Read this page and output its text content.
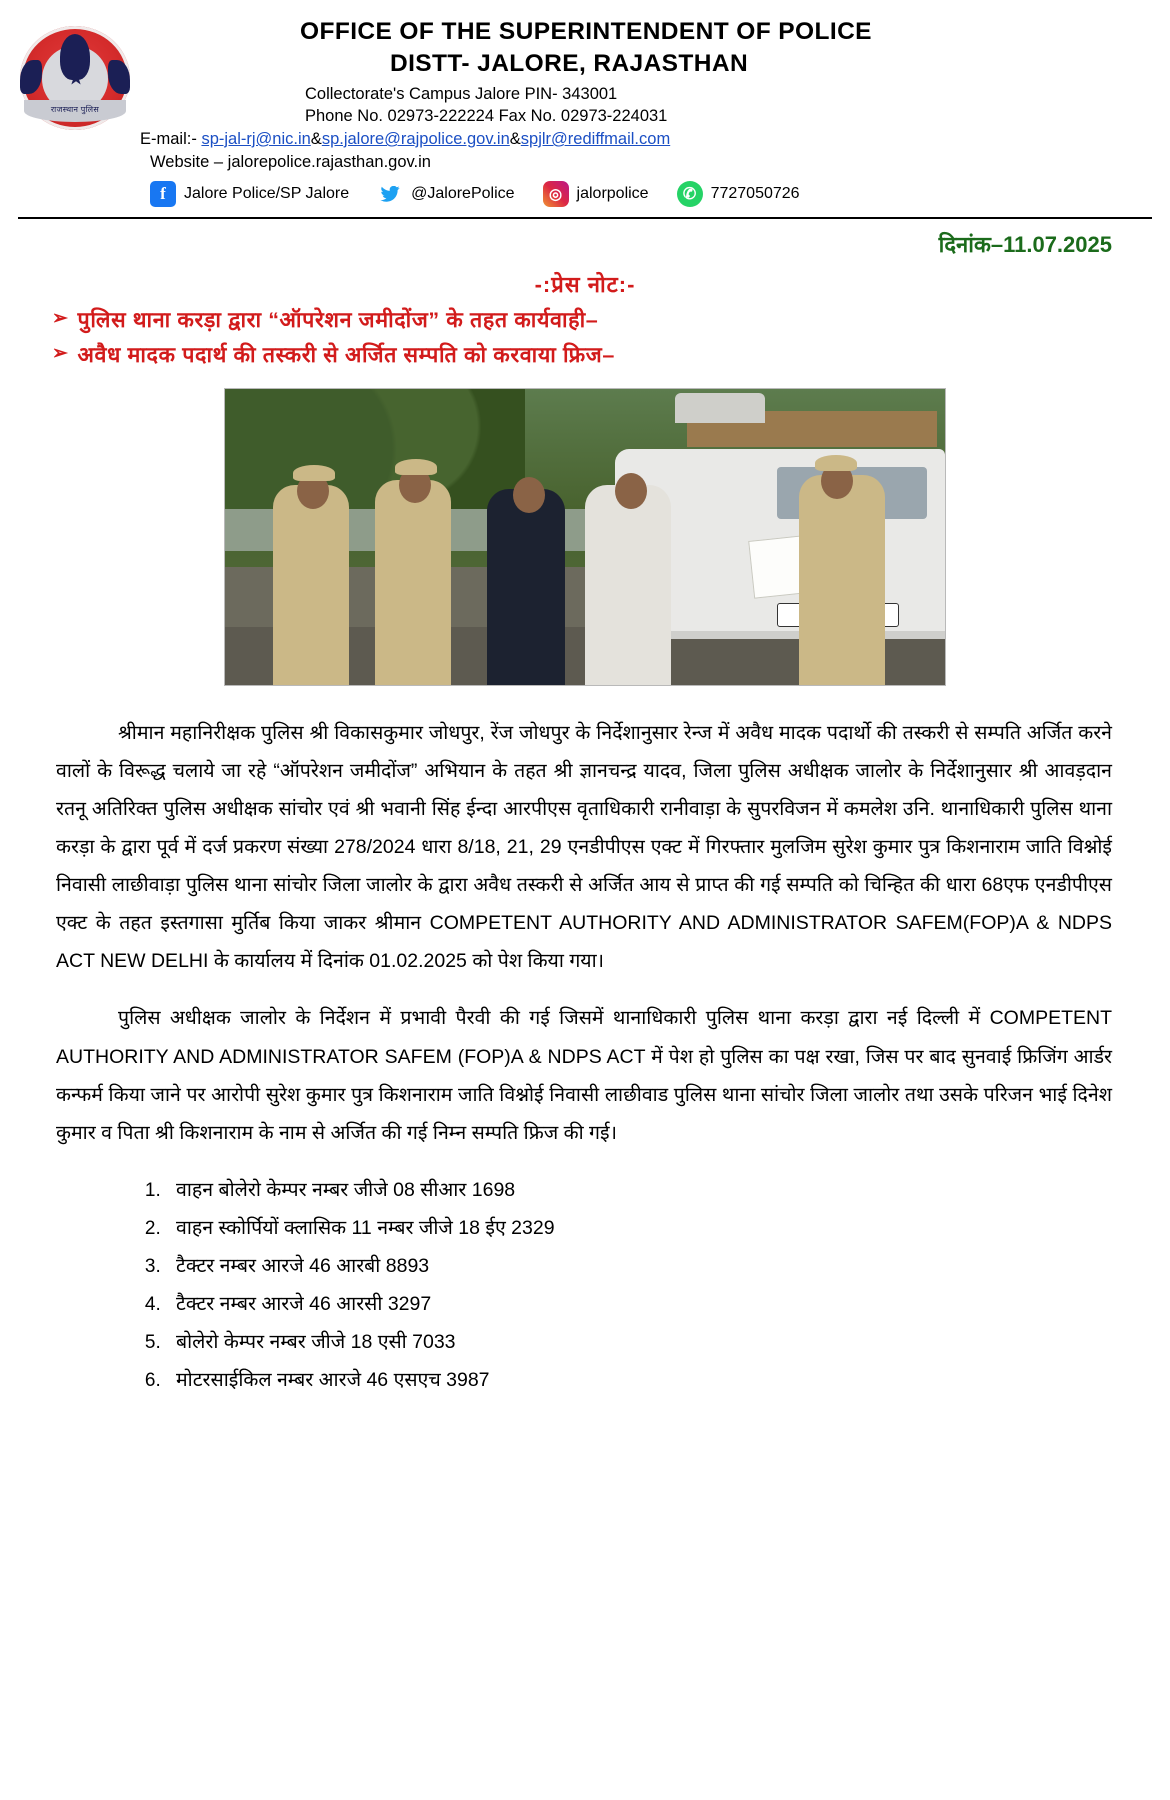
राजस्थान पुलिस
OFFICE OF THE SUPERINTENDENT OF POLICE
DISTT- JALORE, RAJASTHAN
Collectorate's Campus Jalore PIN- 343001
Phone No. 02973-222224 Fax No. 02973-224031
E-mail:- sp-jal-rj@nic.in&sp.jalore@rajpolice.gov.in&spjlr@rediffmail.com
Website – jalorepolice.rajasthan.gov.in
f	Jalore Police/SP Jalore	@JalorePolice	◎ jalorpolice	✆ 7727050726
दिनांक–11.07.2025
-:प्रेस नोट:-
➢ पुलिस थाना करड़ा द्वारा “ऑपरेशन जमीदोंज” के तहत कार्यवाही–
➢ अवैध मादक पदार्थ की तस्करी से अर्जित सम्पति को करवाया फ्रिज–

श्रीमान महानिरीक्षक पुलिस श्री विकासकुमार जोधपुर, रेंज जोधपुर के निर्देशानुसार रेन्ज में अवैध मादक पदार्थो की तस्करी से सम्पति अर्जित करने वालों के विरूद्ध चलाये जा रहे “ऑपरेशन जमीदोंज” अभियान के तहत श्री ज्ञानचन्द्र यादव, जिला पुलिस अधीक्षक जालोर के निर्देशानुसार श्री आवड़दान रतनू अतिरिक्त पुलिस अधीक्षक सांचोर एवं श्री भवानी सिंह ईन्दा आरपीएस वृताधिकारी रानीवाड़ा के सुपरविजन में कमलेश उनि. थानाधिकारी पुलिस थाना करड़ा के द्वारा पूर्व में दर्ज प्रकरण संख्या 278/2024 धारा 8/18, 21, 29 एनडीपीएस एक्ट में गिरफ्तार मुलजिम सुरेश कुमार पुत्र किशनाराम जाति विश्नोई निवासी लाछीवाड़ा पुलिस थाना सांचोर जिला जालोर के द्वारा अवैध तस्करी से अर्जित आय से प्राप्त की गई सम्पति को चिन्हित की धारा 68एफ एनडीपीएस एक्ट के तहत इस्तगासा मुर्तिब किया जाकर श्रीमान COMPETENT AUTHORITY AND ADMINISTRATOR SAFEM(FOP)A & NDPS ACT NEW DELHI के कार्यालय में दिनांक 01.02.2025 को पेश किया गया।

पुलिस अधीक्षक जालोर के निर्देशन में प्रभावी पैरवी की गई जिसमें थानाधिकारी पुलिस थाना करड़ा द्वारा नई दिल्ली में COMPETENT AUTHORITY AND ADMINISTRATOR SAFEM (FOP)A & NDPS ACT में पेश हो पुलिस का पक्ष रखा, जिस पर बाद सुनवाई फ्रिजिंग आर्डर कन्फर्म किया जाने पर आरोपी सुरेश कुमार पुत्र किशनाराम जाति विश्नोई निवासी लाछीवाड पुलिस थाना सांचोर जिला जालोर तथा उसके परिजन भाई दिनेश कुमार व पिता श्री किशनाराम के नाम से अर्जित की गई निम्न सम्पति फ्रिज की गई।

1. वाहन बोलेरो केम्पर नम्बर जीजे 08 सीआर 1698
2. वाहन स्कोर्पियों क्लासिक 11 नम्बर जीजे 18 ईए 2329
3. टैक्टर नम्बर आरजे 46 आरबी 8893
4. टैक्टर नम्बर आरजे 46 आरसी 3297
5. बोलेरो केम्पर नम्बर जीजे 18 एसी 7033
6. मोटरसाईकिल नम्बर आरजे 46 एसएच 3987
